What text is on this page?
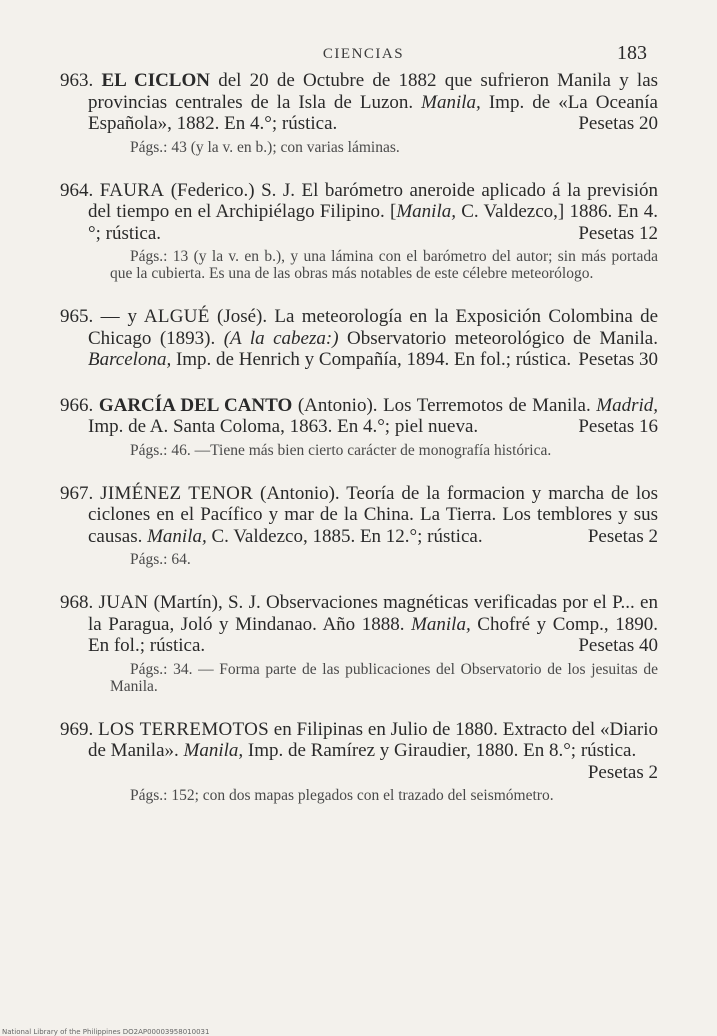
CIENCIAS	183
963. EL CICLON del 20 de Octubre de 1882 que sufrieron Manila y las provincias centrales de la Isla de Luzon. Manila, Imp. de «La Oceanía Española», 1882. En 4.°; rústica.	Pesetas 20
Págs.: 43 (y la v. en b.); con varias láminas.
964. FAURA (Federico.) S. J. El barómetro aneroide aplicado á la previsión del tiempo en el Archipiélago Filipino. [Manila, C. Valdezco,] 1886. En 4.°; rústica.	Pesetas 12
Págs.: 13 (y la v. en b.), y una lámina con el barómetro del autor; sin más portada que la cubierta. Es una de las obras más notables de este célebre meteorólogo.
965. — y ALGUÉ (José). La meteorología en la Exposición Colombina de Chicago (1893). (A la cabeza:) Observatorio meteorológico de Manila. Barcelona, Imp. de Henrich y Compañía, 1894. En fol.; rústica. Pesetas 30
966. GARCÍA DEL CANTO (Antonio). Los Terremotos de Manila. Madrid, Imp. de A. Santa Coloma, 1863. En 4.°; piel nueva.	Pesetas 16
Págs.: 46. —Tiene más bien cierto carácter de monografía histórica.
967. JIMÉNEZ TENOR (Antonio). Teoría de la formacion y marcha de los ciclones en el Pacífico y mar de la China. La Tierra. Los temblores y sus causas. Manila, C. Valdezco, 1885. En 12.°; rústica.	Pesetas 2
Págs.: 64.
968. JUAN (Martín), S. J. Observaciones magnéticas verificadas por el P... en la Paragua, Joló y Mindanao. Año 1888. Manila, Chofré y Comp., 1890. En fol.; rústica.	Pesetas 40
Págs.: 34. — Forma parte de las publicaciones del Observatorio de los jesuitas de Manila.
969. LOS TERREMOTOS en Filipinas en Julio de 1880. Extracto del «Diario de Manila». Manila, Imp. de Ramírez y Giraudier, 1880. En 8.°; rústica.
Pesetas 2
Págs.: 152; con dos mapas plegados con el trazado del seismómetro.
National Library of the Philippines DO2AP00003958010031
